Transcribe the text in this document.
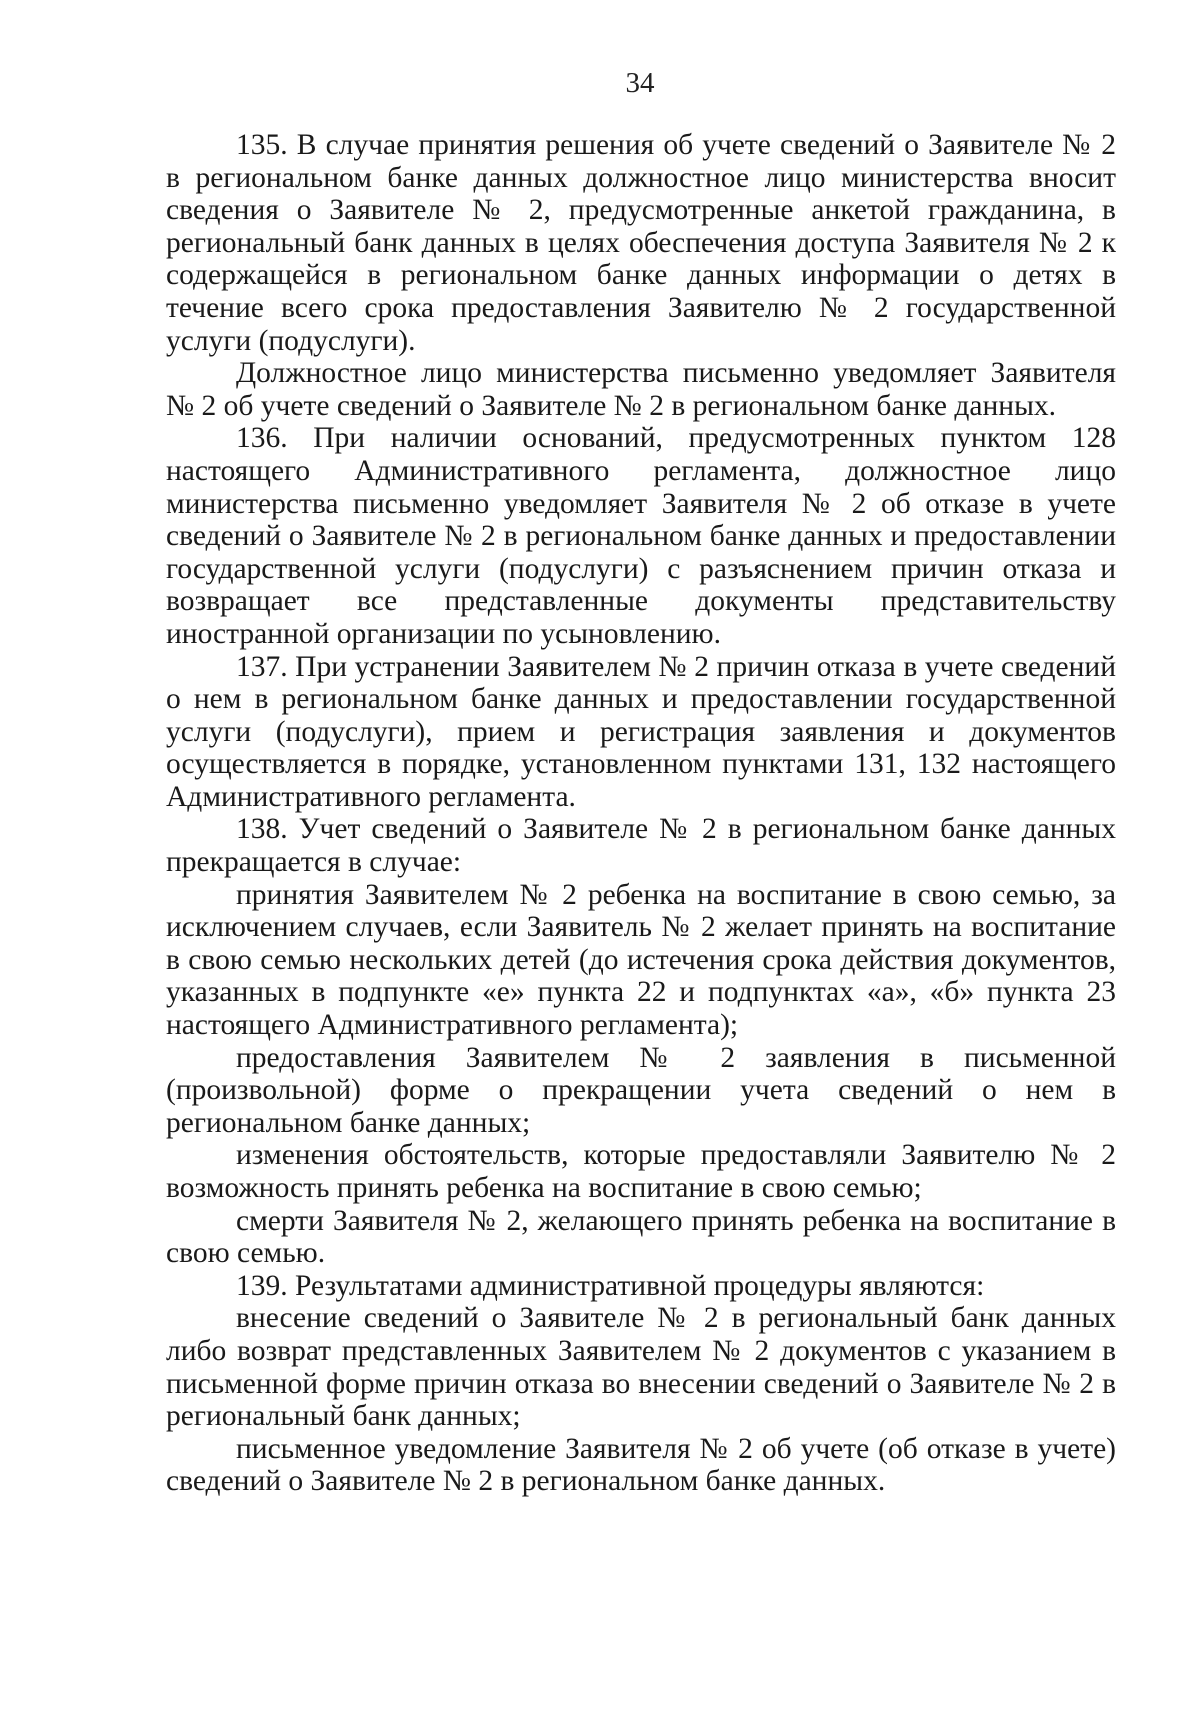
34

135. В случае принятия решения об учете сведений о Заявителе № 2 в региональном банке данных должностное лицо министерства вносит сведения о Заявителе № 2, предусмотренные анкетой гражданина, в региональный банк данных в целях обеспечения доступа Заявителя № 2 к содержащейся в региональном банке данных информации о детях в течение всего срока предоставления Заявителю № 2 государственной услуги (подуслуги).

Должностное лицо министерства письменно уведомляет Заявителя № 2 об учете сведений о Заявителе № 2 в региональном банке данных.

136. При наличии оснований, предусмотренных пунктом 128 настоящего Административного регламента, должностное лицо министерства письменно уведомляет Заявителя № 2 об отказе в учете сведений о Заявителе № 2 в региональном банке данных и предоставлении государственной услуги (подуслуги) с разъяснением причин отказа и возвращает все представленные документы представительству иностранной организации по усыновлению.

137. При устранении Заявителем № 2 причин отказа в учете сведений о нем в региональном банке данных и предоставлении государственной услуги (подуслуги), прием и регистрация заявления и документов осуществляется в порядке, установленном пунктами 131, 132 настоящего Административного регламента.

138. Учет сведений о Заявителе № 2 в региональном банке данных прекращается в случае:

принятия Заявителем № 2 ребенка на воспитание в свою семью, за исключением случаев, если Заявитель № 2 желает принять на воспитание в свою семью нескольких детей (до истечения срока действия документов, указанных в подпункте «е» пункта 22 и подпунктах «а», «б» пункта 23 настоящего Административного регламента);

предоставления Заявителем № 2 заявления в письменной (произвольной) форме о прекращении учета сведений о нем в региональном банке данных;

изменения обстоятельств, которые предоставляли Заявителю № 2 возможность принять ребенка на воспитание в свою семью;

смерти Заявителя № 2, желающего принять ребенка на воспитание в свою семью.

139. Результатами административной процедуры являются:

внесение сведений о Заявителе № 2 в региональный банк данных либо возврат представленных Заявителем № 2 документов с указанием в письменной форме причин отказа во внесении сведений о Заявителе № 2 в региональный банк данных;

письменное уведомление Заявителя № 2 об учете (об отказе в учете) сведений о Заявителе № 2 в региональном банке данных.
